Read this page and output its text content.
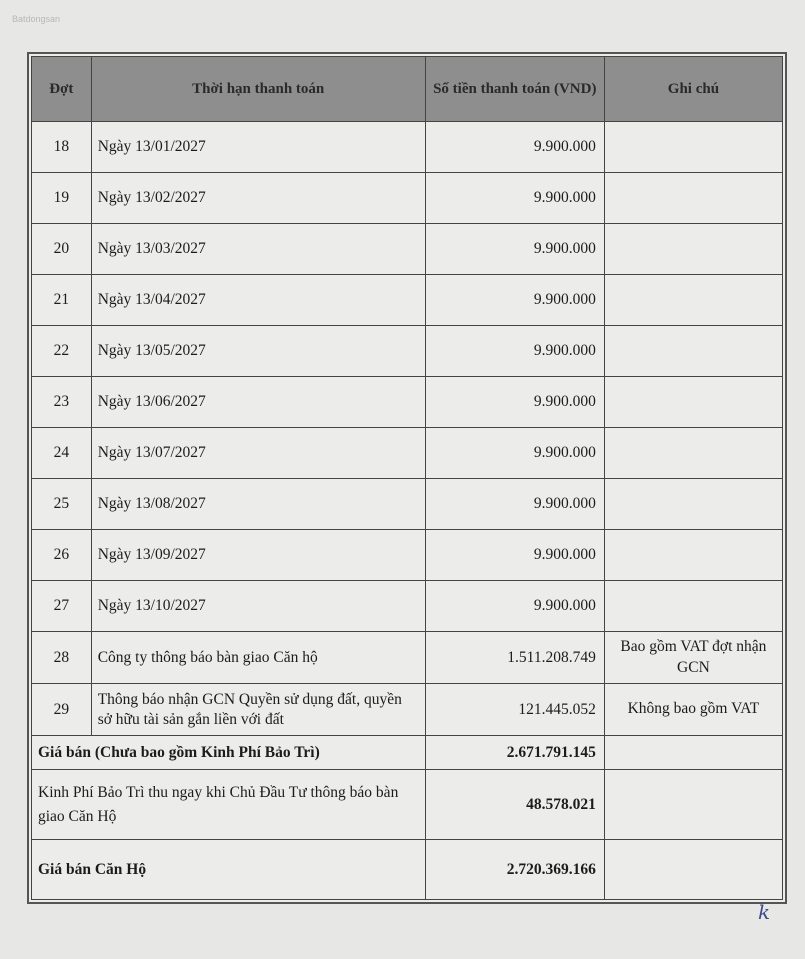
Batdongsan
Đợt	Thời hạn thanh toán	Số tiền thanh toán (VND)	Ghi chú
18	Ngày 13/01/2027	9.900.000	
19	Ngày 13/02/2027	9.900.000	
20	Ngày 13/03/2027	9.900.000	
21	Ngày 13/04/2027	9.900.000	
22	Ngày 13/05/2027	9.900.000	
23	Ngày 13/06/2027	9.900.000	
24	Ngày 13/07/2027	9.900.000	
25	Ngày 13/08/2027	9.900.000	
26	Ngày 13/09/2027	9.900.000	
27	Ngày 13/10/2027	9.900.000	
28	Công ty thông báo bàn giao Căn hộ	1.511.208.749	Bao gồm VAT đợt nhận GCN
29	Thông báo nhận GCN Quyền sử dụng đất, quyền sở hữu tài sản gắn liền với đất	121.445.052	Không bao gồm VAT
Giá bán (Chưa bao gồm Kinh Phí Bảo Trì)		2.671.791.145	
Kinh Phí Bảo Trì thu ngay khi Chủ Đầu Tư thông báo bàn giao Căn Hộ		48.578.021	
Giá bán Căn Hộ		2.720.369.166	
k
